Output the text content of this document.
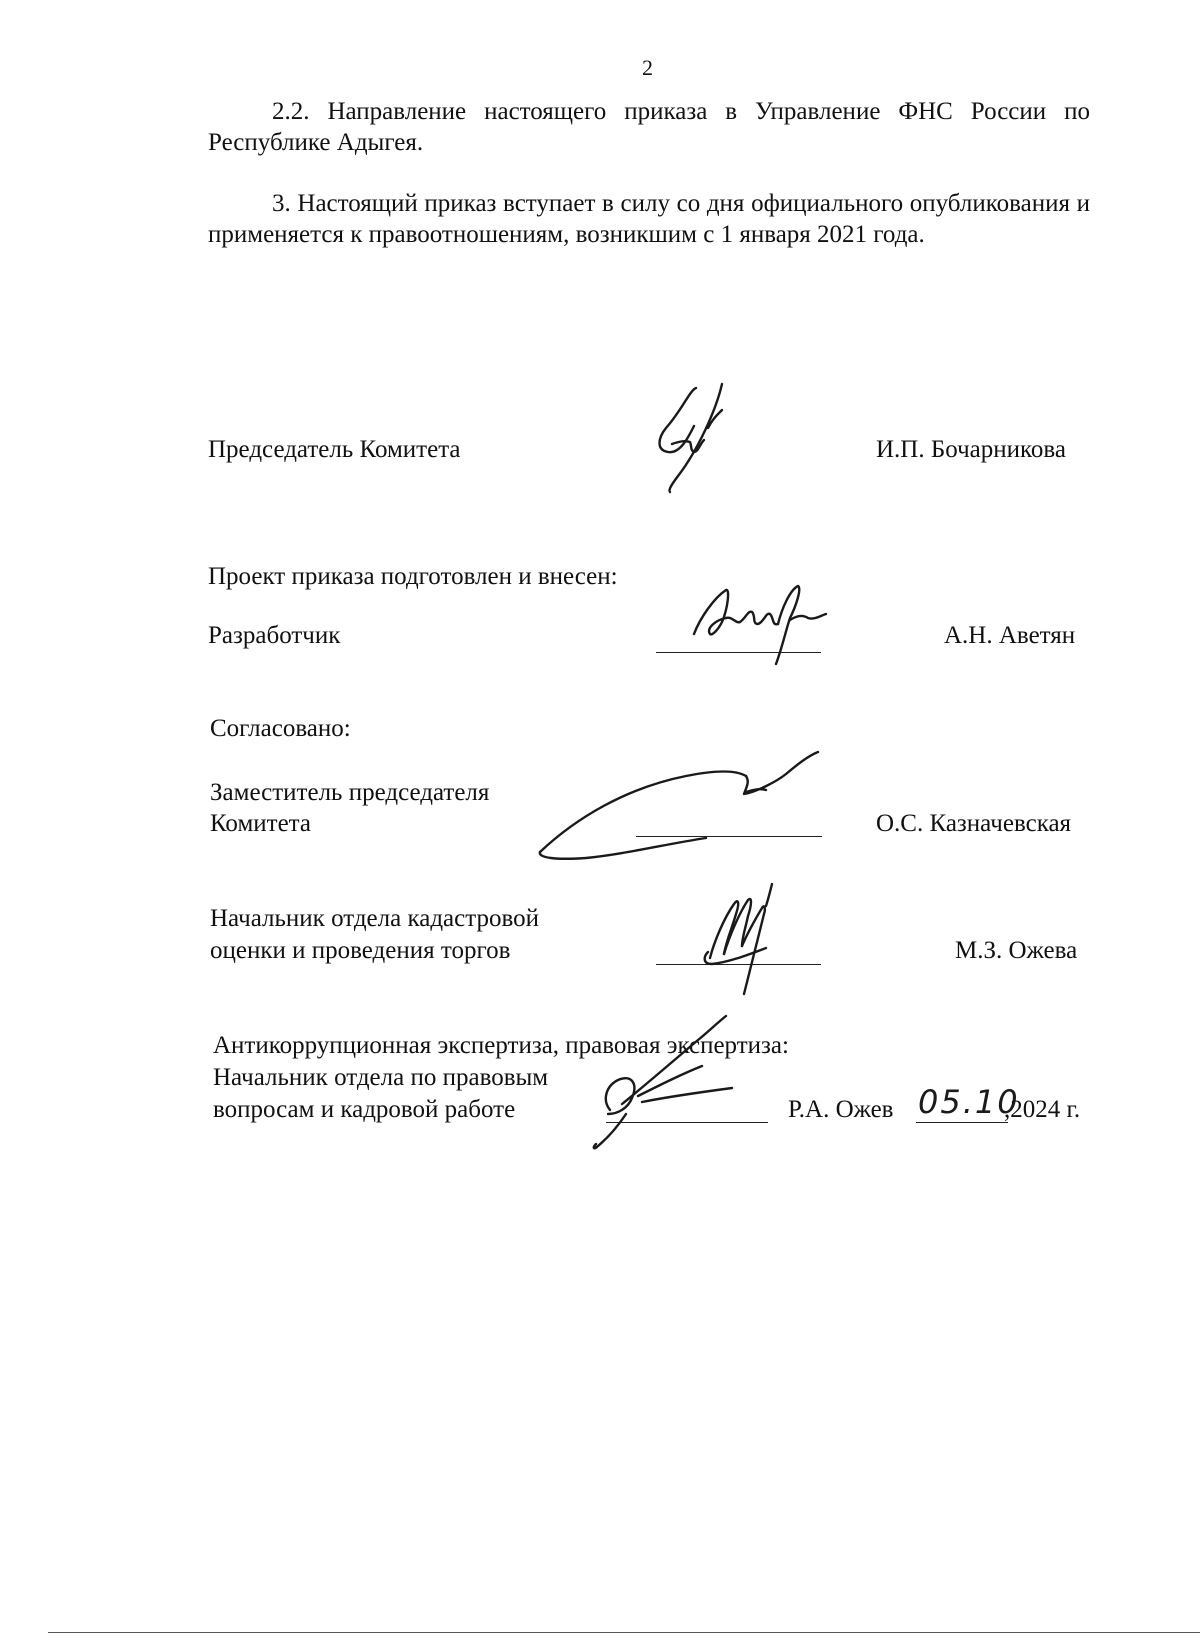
2
2.2. Направление настоящего приказа в Управление ФНС России по Республике Адыгея.
3. Настоящий приказ вступает в силу со дня официального опубликования и применяется к правоотношениям, возникшим с 1 января 2021 года.
Председатель Комитета	И.П. Бочарникова
Проект приказа подготовлен и внесен:
Разработчик	А.Н. Аветян
Согласовано:
Заместитель председателя
Комитета	О.С. Казначевская
Начальник отдела кадастровой
оценки и проведения торгов	М.З. Ожева
Антикоррупционная экспертиза, правовая экспертиза:
Начальник отдела по правовым
вопросам и кадровой работе	Р.А. Ожев 05.10
,2024 г.
